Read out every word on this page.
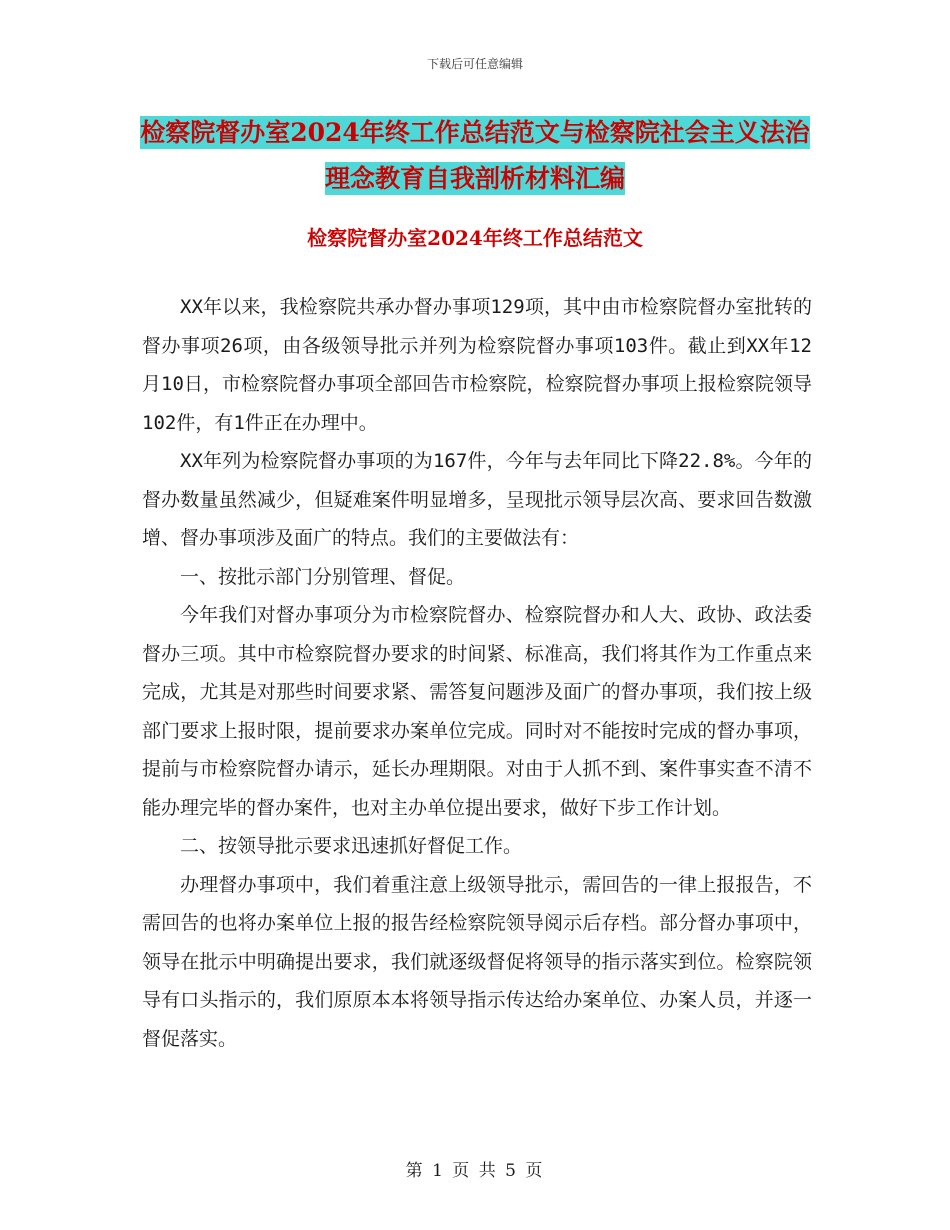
下载后可任意编辑
检察院督办室2024年终工作总结范文与检察院社会主义法治理念教育自我剖析材料汇编
检察院督办室2024年终工作总结范文

XX年以来，我检察院共承办督办事项129项，其中由市检察院督办室批转的督办事项26项，由各级领导批示并列为检察院督办事项103件。截止到XX年12月10日，市检察院督办事项全部回告市检察院，检察院督办事项上报检察院领导102件，有1件正在办理中。

XX年列为检察院督办事项的为167件，今年与去年同比下降22.8%。今年的督办数量虽然减少，但疑难案件明显增多，呈现批示领导层次高、要求回告数激增、督办事项涉及面广的特点。我们的主要做法有：

一、按批示部门分别管理、督促。

今年我们对督办事项分为市检察院督办、检察院督办和人大、政协、政法委督办三项。其中市检察院督办要求的时间紧、标准高，我们将其作为工作重点来完成，尤其是对那些时间要求紧、需答复问题涉及面广的督办事项，我们按上级部门要求上报时限，提前要求办案单位完成。同时对不能按时完成的督办事项，提前与市检察院督办请示，延长办理期限。对由于人抓不到、案件事实查不清不能办理完毕的督办案件，也对主办单位提出要求，做好下步工作计划。

二、按领导批示要求迅速抓好督促工作。

办理督办事项中，我们着重注意上级领导批示，需回告的一律上报报告，不需回告的也将办案单位上报的报告经检察院领导阅示后存档。部分督办事项中，领导在批示中明确提出要求，我们就逐级督促将领导的指示落实到位。检察院领导有口头指示的，我们原原本本将领导指示传达给办案单位、办案人员，并逐一督促落实。

第 1 页 共 5 页
